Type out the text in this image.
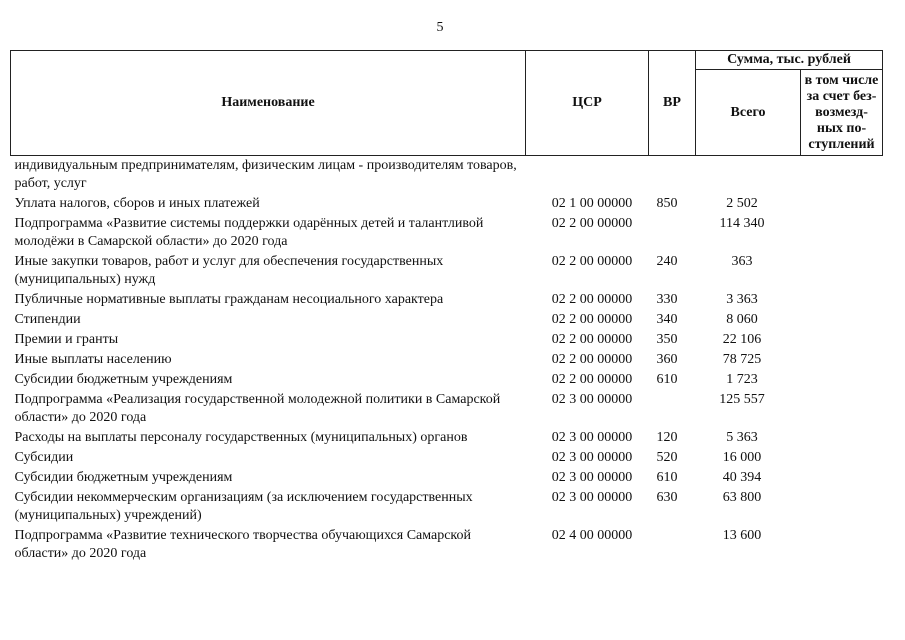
5
Наименование	ЦСР	ВР	Сумма, тыс. рублей	
			Всего	в том числе
за счет без-
возмезд-
ных по-
ступлений
индивидуальным предпринимателям, физическим лицам - производителям товаров, работ, услуг				
Уплата налогов, сборов и иных платежей	02 1 00 00000	850	2 502	
Подпрограмма «Развитие системы поддержки одарённых детей и талантливой молодёжи в Самарской области» до 2020 года	02 2 00 00000		114 340	
Иные закупки товаров, работ и услуг для обеспечения государственных (муниципальных) нужд	02 2 00 00000	240	363	
Публичные нормативные выплаты гражданам несоциального характера	02 2 00 00000	330	3 363	
Стипендии	02 2 00 00000	340	8 060	
Премии и гранты	02 2 00 00000	350	22 106	
Иные выплаты населению	02 2 00 00000	360	78 725	
Субсидии бюджетным учреждениям	02 2 00 00000	610	1 723	
Подпрограмма «Реализация государственной молодежной политики в Самарской области» до 2020 года	02 3 00 00000		125 557	
Расходы на выплаты персоналу государственных (муниципальных) органов	02 3 00 00000	120	5 363	
Субсидии	02 3 00 00000	520	16 000	
Субсидии бюджетным учреждениям	02 3 00 00000	610	40 394	
Субсидии некоммерческим организациям (за исключением государственных (муниципальных) учреждений)	02 3 00 00000	630	63 800	
Подпрограмма «Развитие технического творчества обучающихся Самарской области» до 2020 года	02 4 00 00000		13 600	
